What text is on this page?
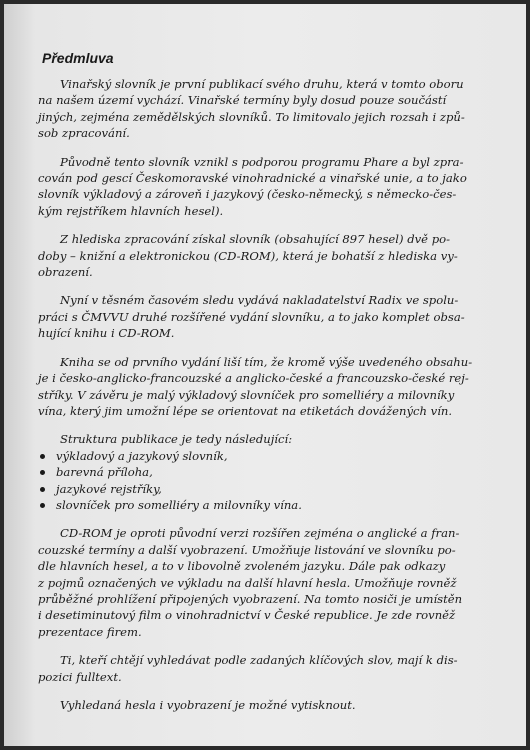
Předmluva
Vinařský slovník je první publikací svého druhu, která v tomto oboru
na našem území vychází. Vinařské termíny byly dosud pouze součástí
jiných, zejména zemědělských slovníků. To limitovalo jejich rozsah i způ-
sob zpracování.
Původně tento slovník vznikl s podporou programu Phare a byl zpra-
cován pod gescí Českomoravské vinohradnické a vinařské unie, a to jako
slovník výkladový a zároveň i jazykový (česko-německý, s německo-čes-
kým rejstříkem hlavních hesel).
Z hlediska zpracování získal slovník (obsahující 897 hesel) dvě po-
doby – knižní a elektronickou (CD-ROM), která je bohatší z hlediska vy-
obrazení.
Nyní v těsném časovém sledu vydává nakladatelství Radix ve spolu-
práci s ČMVVU druhé rozšířené vydání slovníku, a to jako komplet obsa-
hující knihu i CD-ROM.
Kniha se od prvního vydání liší tím, že kromě výše uvedeného obsahu-
je i česko-anglicko-francouzské a anglicko-české a francouzsko-české rej-
stříky. V závěru je malý výkladový slovníček pro somelliéry a milovníky
vína, který jim umožní lépe se orientovat na etiketách dovážených vín.
Struktura publikace je tedy následující:
výkladový a jazykový slovník,
barevná příloha,
jazykové rejstříky,
slovníček pro somelliéry a milovníky vína.
CD-ROM je oproti původní verzi rozšířen zejména o anglické a fran-
couzské termíny a další vyobrazení. Umožňuje listování ve slovníku po-
dle hlavních hesel, a to v libovolně zvoleném jazyku. Dále pak odkazy
z pojmů označených ve výkladu na další hlavní hesla. Umožňuje rovněž
průběžné prohlížení připojených vyobrazení. Na tomto nosiči je umístěn
i desetiminutový film o vinohradnictví v České republice. Je zde rovněž
prezentace firem.
Ti, kteří chtějí vyhledávat podle zadaných klíčových slov, mají k dis-
pozici fulltext.
Vyhledaná hesla i vyobrazení je možné vytisknout.
